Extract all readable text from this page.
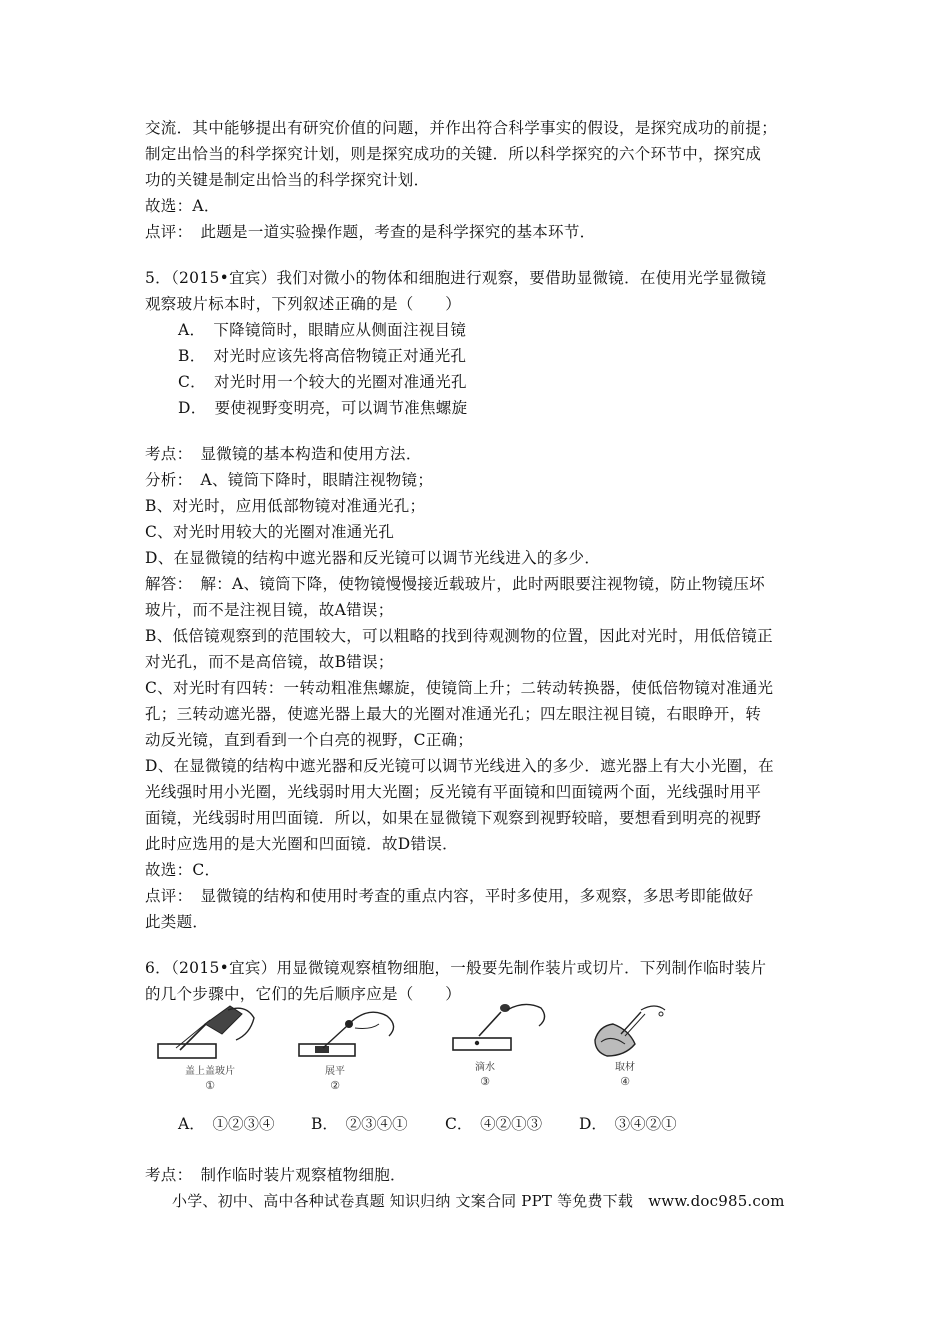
交流．其中能够提出有研究价值的问题，并作出符合科学事实的假设，是探究成功的前提；
制定出恰当的科学探究计划，则是探究成功的关键．所以科学探究的六个环节中，探究成
功的关键是制定出恰当的科学探究计划．
故选：A．
点评：　此题是一道实验操作题，考查的是科学探究的基本环节．
5．（2015•宜宾）我们对微小的物体和细胞进行观察，要借助显微镜．在使用光学显微镜
观察玻片标本时，下列叙述正确的是（　　）
A．　下降镜筒时，眼睛应从侧面注视目镜
B．　对光时应该先将高倍物镜正对通光孔
C．　对光时用一个较大的光圈对准通光孔
D．　要使视野变明亮，可以调节准焦螺旋
考点：　显微镜的基本构造和使用方法．
分析：　A、镜筒下降时，眼睛注视物镜；
B、对光时，应用低部物镜对准通光孔；
C、对光时用较大的光圈对准通光孔
D、在显微镜的结构中遮光器和反光镜可以调节光线进入的多少．
解答：　解：A、镜筒下降，使物镜慢慢接近载玻片，此时两眼要注视物镜，防止物镜压坏
玻片，而不是注视目镜，故A错误；
B、低倍镜观察到的范围较大，可以粗略的找到待观测物的位置，因此对光时，用低倍镜正
对光孔，而不是高倍镜，故B错误；
C、对光时有四转：一转动粗准焦螺旋，使镜筒上升；二转动转换器，使低倍物镜对准通光
孔；三转动遮光器，使遮光器上最大的光圈对准通光孔；四左眼注视目镜，右眼睁开，转
动反光镜，直到看到一个白亮的视野，C正确；
D、在显微镜的结构中遮光器和反光镜可以调节光线进入的多少．遮光器上有大小光圈，在
光线强时用小光圈，光线弱时用大光圈；反光镜有平面镜和凹面镜两个面，光线强时用平
面镜，光线弱时用凹面镜．所以，如果在显微镜下观察到视野较暗，要想看到明亮的视野
此时应选用的是大光圈和凹面镜．故D错误．
故选：C．
点评：　显微镜的结构和使用时考查的重点内容，平时多使用，多观察，多思考即能做好
此类题．
6．（2015•宜宾）用显微镜观察植物细胞，一般要先制作装片或切片．下列制作临时装片
的几个步骤中，它们的先后顺序应是（　　）
盖上盖玻片
①
展平
②
滴水
③
取材
④
A．　①②③④ B．　②③④① C．　④②①③ D．　③④②①
考点：　制作临时装片观察植物细胞．
小学、初中、高中各种试卷真题 知识归纳 文案合同 PPT 等免费下载　www.doc985.com
